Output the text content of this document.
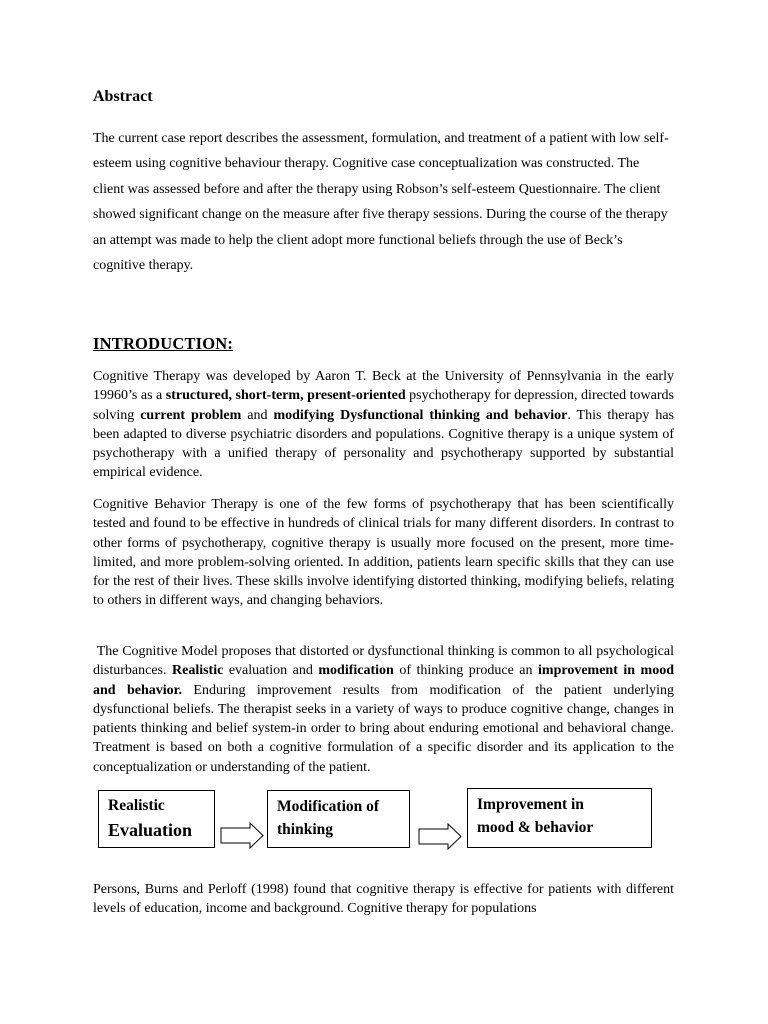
Abstract
The current case report describes the assessment, formulation, and treatment of a patient with low self-esteem using cognitive behaviour therapy. Cognitive case conceptualization was constructed. The client was assessed before and after the therapy using Robson’s self-esteem Questionnaire. The client showed significant change on the measure after five therapy sessions. During the course of the therapy an attempt was made to help the client adopt more functional beliefs through the use of Beck’s cognitive therapy.
INTRODUCTION:
Cognitive Therapy was developed by Aaron T. Beck at the University of Pennsylvania in the early 19960’s as a structured, short-term, present-oriented psychotherapy for depression, directed towards solving current problem and modifying Dysfunctional thinking and behavior. This therapy has been adapted to diverse psychiatric disorders and populations. Cognitive therapy is a unique system of psychotherapy with a unified therapy of personality and psychotherapy supported by substantial empirical evidence.
Cognitive Behavior Therapy is one of the few forms of psychotherapy that has been scientifically tested and found to be effective in hundreds of clinical trials for many different disorders. In contrast to other forms of psychotherapy, cognitive therapy is usually more focused on the present, more time-limited, and more problem-solving oriented. In addition, patients learn specific skills that they can use for the rest of their lives. These skills involve identifying distorted thinking, modifying beliefs, relating to others in different ways, and changing behaviors.
The Cognitive Model proposes that distorted or dysfunctional thinking is common to all psychological disturbances. Realistic evaluation and modification of thinking produce an improvement in mood and behavior. Enduring improvement results from modification of the patient underlying dysfunctional beliefs. The therapist seeks in a variety of ways to produce cognitive change, changes in patients thinking and belief system-in order to bring about enduring emotional and behavioral change. Treatment is based on both a cognitive formulation of a specific disorder and its application to the conceptualization or understanding of the patient.
Realistic
Evaluation
Modification of
thinking
Improvement in
mood & behavior
Persons, Burns and Perloff (1998) found that cognitive therapy is effective for patients with different levels of education, income and background. Cognitive therapy for populations
